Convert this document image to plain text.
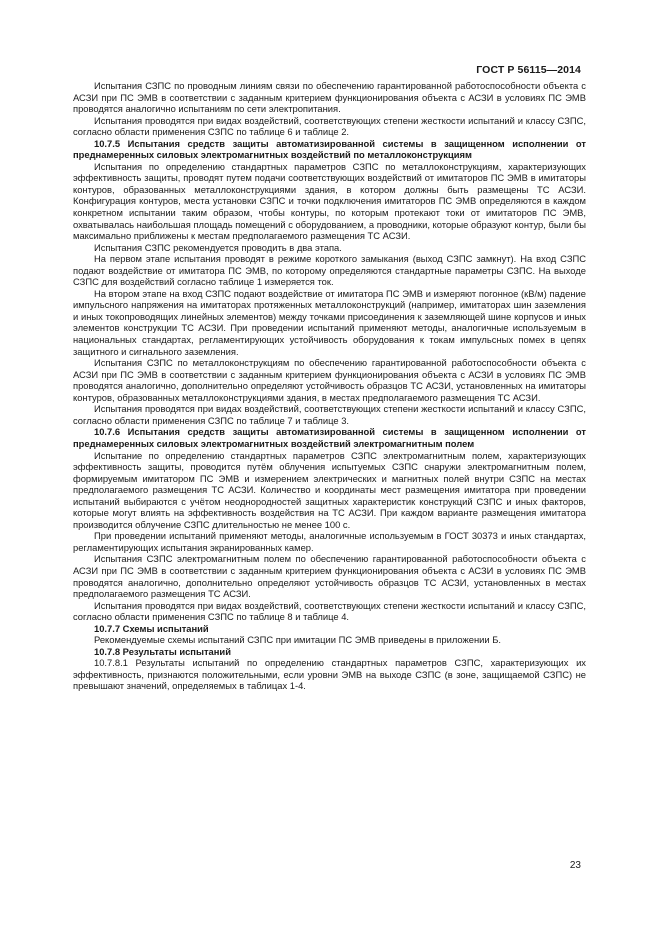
ГОСТ Р 56115—2014

Испытания СЗПС по проводным линиям связи по обеспечению гарантированной работоспособности объекта с АСЗИ при ПС ЭМВ в соответствии с заданным критерием функционирования объекта с АСЗИ в условиях ПС ЭМВ проводятся аналогично испытаниям по сети электропитания.

Испытания проводятся при видах воздействий, соответствующих степени жесткости испытаний и классу СЗПС, согласно области применения СЗПС по таблице 6 и таблице 2.

10.7.5 Испытания средств защиты автоматизированной системы в защищенном исполнении от преднамеренных силовых электромагнитных воздействий по металлоконструкциям

Испытания по определению стандартных параметров СЗПС по металлоконструкциям, характеризующих эффективность защиты, проводят путем подачи соответствующих воздействий от имитаторов ПС ЭМВ в имитаторы контуров, образованных металлоконструкциями здания, в котором должны быть размещены ТС АСЗИ. Конфигурация контуров, места установки СЗПС и точки подключения имитаторов ПС ЭМВ определяются в каждом конкретном испытании таким образом, чтобы контуры, по которым протекают токи от имитаторов ПС ЭМВ, охватывалась наибольшая площадь помещений с оборудованием, а проводники, которые образуют контур, были бы максимально приближены к местам предполагаемого размещения ТС АСЗИ.

Испытания СЗПС рекомендуется проводить в два этапа.

На первом этапе испытания проводят в режиме короткого замыкания (выход СЗПС замкнут). На вход СЗПС подают воздействие от имитатора ПС ЭМВ, по которому определяются стандартные параметры СЗПС. На выходе СЗПС для воздействий согласно таблице 1 измеряется ток.

На втором этапе на вход СЗПС подают воздействие от имитатора ПС ЭМВ и измеряют погонное (кВ/м) падение импульсного напряжения на имитаторах протяженных металлоконструкций (например, имитаторах шин заземления и иных токопроводящих линейных элементов) между точками присоединения к заземляющей шине корпусов и иных элементов конструкции ТС АСЗИ. При проведении испытаний применяют методы, аналогичные используемым в национальных стандартах, регламентирующих устойчивость оборудования к токам импульсных помех в цепях защитного и сигнального заземления.

Испытания СЗПС по металлоконструкциям по обеспечению гарантированной работоспособности объекта с АСЗИ при ПС ЭМВ в соответствии с заданным критерием функционирования объекта с АСЗИ в условиях ПС ЭМВ проводятся аналогично, дополнительно определяют устойчивость образцов ТС АСЗИ, установленных на имитаторы контуров, образованных металлоконструкциями здания, в местах предполагаемого размещения ТС АСЗИ.

Испытания проводятся при видах воздействий, соответствующих степени жесткости испытаний и классу СЗПС, согласно области применения СЗПС по таблице 7 и таблице 3.

10.7.6 Испытания средств защиты автоматизированной системы в защищенном исполнении от преднамеренных силовых электромагнитных воздействий электромагнитным полем

Испытание по определению стандартных параметров СЗПС электромагнитным полем, характеризующих эффективность защиты, проводится путём облучения испытуемых СЗПС снаружи электромагнитным полем, формируемым имитатором ПС ЭМВ и измерением электрических и магнитных полей внутри СЗПС на местах предполагаемого размещения ТС АСЗИ. Количество и координаты мест размещения имитатора при проведении испытаний выбираются с учётом неоднородностей защитных характеристик конструкций СЗПС и иных факторов, которые могут влиять на эффективность воздействия на ТС АСЗИ. При каждом варианте размещения имитатора производится облучение СЗПС длительностью не менее 100 с.

При проведении испытаний применяют методы, аналогичные используемым в ГОСТ 30373 и иных стандартах, регламентирующих испытания экранированных камер.

Испытания СЗПС электромагнитным полем по обеспечению гарантированной работоспособности объекта с АСЗИ при ПС ЭМВ в соответствии с заданным критерием функционирования объекта с АСЗИ в условиях ПС ЭМВ проводятся аналогично, дополнительно определяют устойчивость образцов ТС АСЗИ, установленных в местах предполагаемого размещения ТС АСЗИ.

Испытания проводятся при видах воздействий, соответствующих степени жесткости испытаний и классу СЗПС, согласно области применения СЗПС по таблице 8 и таблице 4.

10.7.7 Схемы испытаний

Рекомендуемые схемы испытаний СЗПС при имитации ПС ЭМВ приведены в приложении Б.

10.7.8 Результаты испытаний

10.7.8.1 Результаты испытаний по определению стандартных параметров СЗПС, характеризующих их эффективность, признаются положительными, если уровни ЭМВ на выходе СЗПС (в зоне, защищаемой СЗПС) не превышают значений, определяемых в таблицах 1-4.

23
